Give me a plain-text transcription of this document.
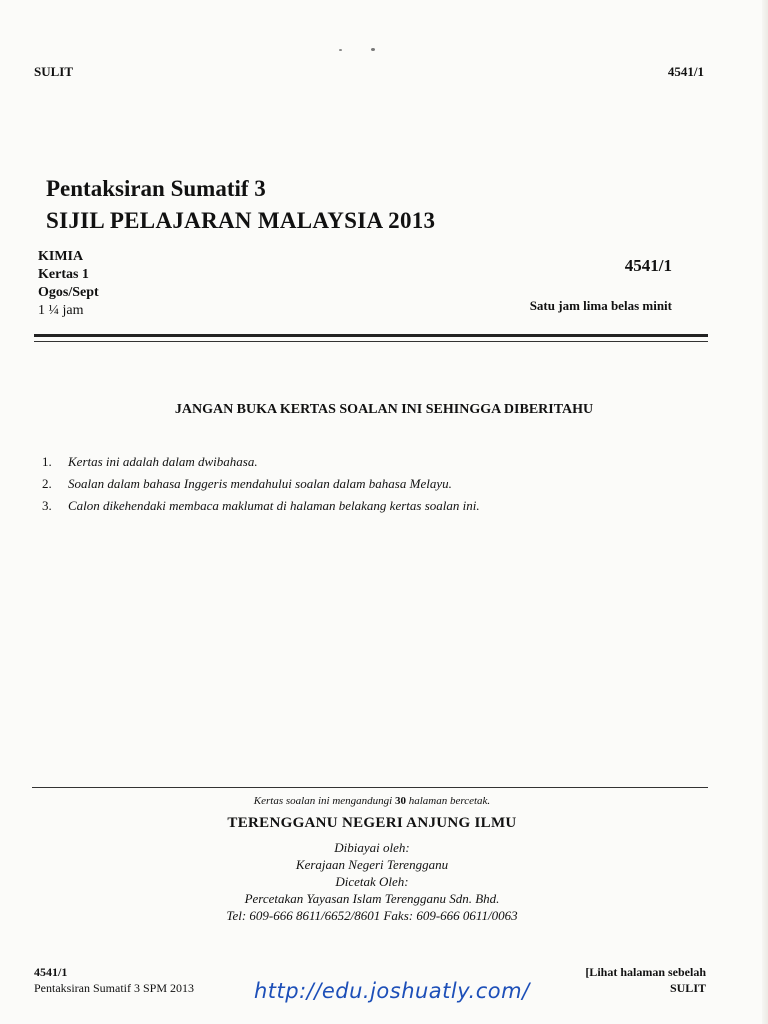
SULIT	4541/1
Pentaksiran Sumatif 3
SIJIL PELAJARAN MALAYSIA 2013
KIMIA
Kertas 1
Ogos/Sept
1 ¼ jam
4541/1
Satu jam lima belas minit
JANGAN BUKA KERTAS SOALAN INI SEHINGGA DIBERITAHU
1.	Kertas ini adalah dalam dwibahasa.
2.	Soalan dalam bahasa Inggeris mendahului soalan dalam bahasa Melayu.
3.	Calon dikehendaki membaca maklumat di halaman belakang kertas soalan ini.
Kertas soalan ini mengandungi 30 halaman bercetak.
TERENGGANU NEGERI ANJUNG ILMU
Dibiayai oleh:
Kerajaan Negeri Terengganu
Dicetak Oleh:
Percetakan Yayasan Islam Terengganu Sdn. Bhd.
Tel: 609-666 8611/6652/8601 Faks: 609-666 0611/0063
4541/1
Pentaksiran Sumatif 3 SPM 2013
[Lihat halaman sebelah
SULIT
http://edu.joshuatly.com/
